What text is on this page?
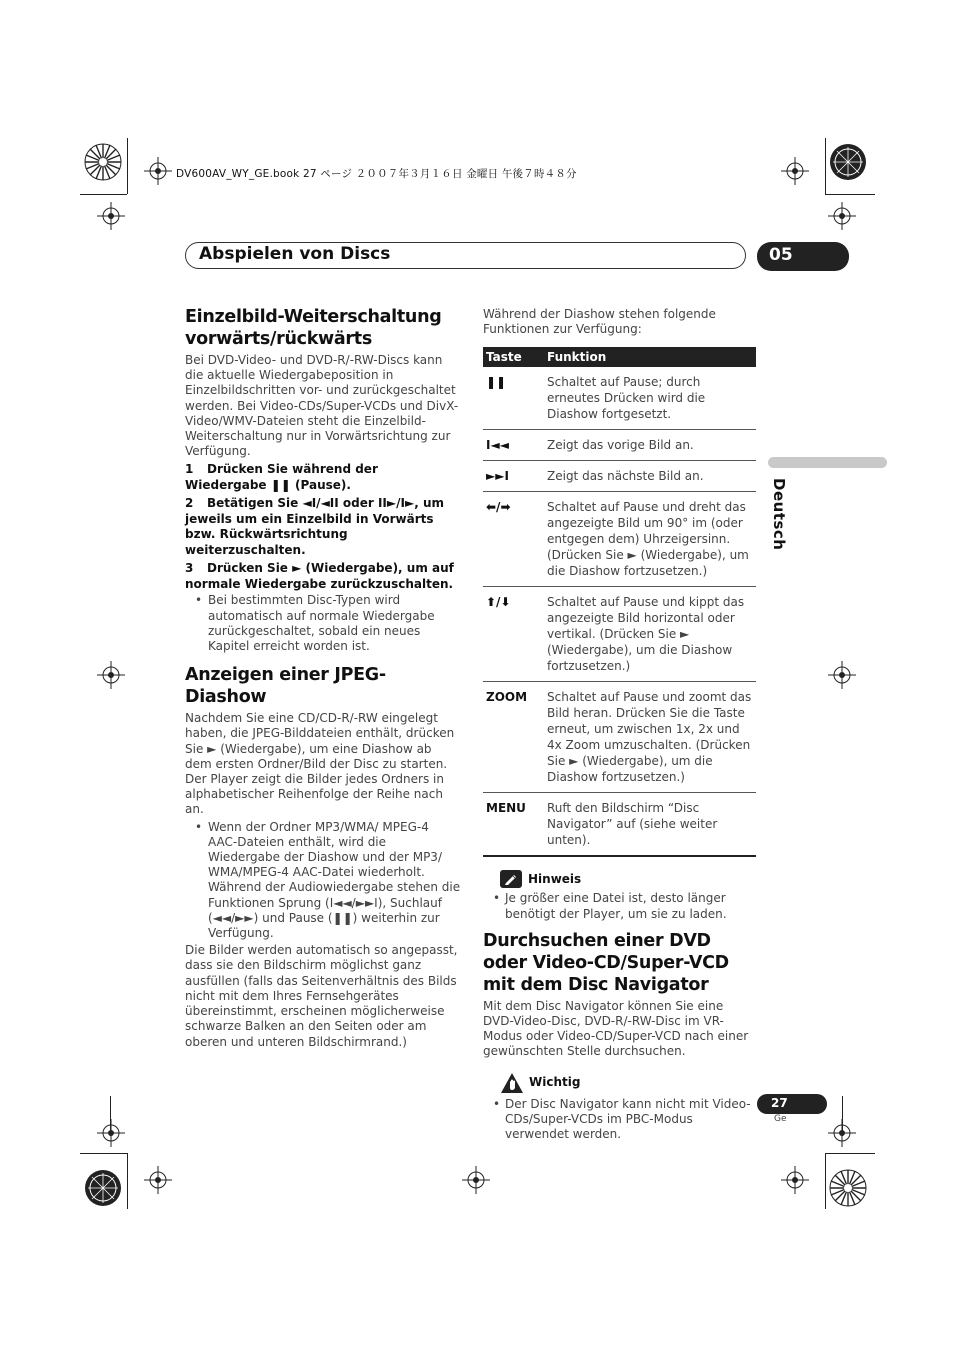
DV600AV_WY_GE.book 27 ページ ２００７年３月１６日 金曜日 午後７時４８分
Abspielen von Discs	05
Deutsch
Einzelbild-Weiterschaltung vorwärts/rückwärts

Bei DVD-Video- und DVD-R/-RW-Discs kann die aktuelle Wiedergabeposition in Einzelbildschritten vor- und zurückgeschaltet werden. Bei Video-CDs/Super-VCDs und DivX-Video/WMV-Dateien steht die Einzelbild-Weiterschaltung nur in Vorwärtsrichtung zur Verfügung.

1 Drücken Sie während der Wiedergabe ❚❚ (Pause).
2 Betätigen Sie ◄I/◄II oder II►/I►, um jeweils um ein Einzelbild in Vorwärts bzw. Rückwärtsrichtung weiterzuschalten.
3 Drücken Sie ► (Wiedergabe), um auf normale Wiedergabe zurückzuschalten.
• Bei bestimmten Disc-Typen wird automatisch auf normale Wiedergabe zurückgeschaltet, sobald ein neues Kapitel erreicht worden ist.
Anzeigen einer JPEG-Diashow

Nachdem Sie eine CD/CD-R/-RW eingelegt haben, die JPEG-Bilddateien enthält, drücken Sie ► (Wiedergabe), um eine Diashow ab dem ersten Ordner/Bild der Disc zu starten. Der Player zeigt die Bilder jedes Ordners in alphabetischer Reihenfolge der Reihe nach an.

• Wenn der Ordner MP3/WMA/ MPEG-4 AAC-Dateien enthält, wird die Wiedergabe der Diashow und der MP3/ WMA/MPEG-4 AAC-Datei wiederholt. Während der Audiowiedergabe stehen die Funktionen Sprung (I◄◄/►►I), Suchlauf (◄◄/►►) und Pause (❚❚) weiterhin zur Verfügung.

Die Bilder werden automatisch so angepasst, dass sie den Bildschirm möglichst ganz ausfüllen (falls das Seitenverhältnis des Bilds nicht mit dem Ihres Fernsehgerätes übereinstimmt, erscheinen möglicherweise schwarze Balken an den Seiten oder am oberen und unteren Bildschirmrand.)

Während der Diashow stehen folgende Funktionen zur Verfügung:

Taste	Funktion
❚❚	Schaltet auf Pause; durch erneutes Drücken wird die Diashow fortgesetzt.
I◄◄	Zeigt das vorige Bild an.
►►I	Zeigt das nächste Bild an.
⬅/➡	Schaltet auf Pause und dreht das angezeigte Bild um 90° im (oder entgegen dem) Uhrzeigersinn. (Drücken Sie ► (Wiedergabe), um die Diashow fortzusetzen.)
⬆/⬇	Schaltet auf Pause und kippt das angezeigte Bild horizontal oder vertikal. (Drücken Sie ► (Wiedergabe), um die Diashow fortzusetzen.)
ZOOM	Schaltet auf Pause und zoomt das Bild heran. Drücken Sie die Taste erneut, um zwischen 1x, 2x und 4x Zoom umzuschalten. (Drücken Sie ► (Wiedergabe), um die Diashow fortzusetzen.)
MENU	Ruft den Bildschirm “Disc Navigator” auf (siehe weiter unten).
Hinweis
• Je größer eine Datei ist, desto länger benötigt der Player, um sie zu laden.
Durchsuchen einer DVD oder Video-CD/Super-VCD mit dem Disc Navigator

Mit dem Disc Navigator können Sie eine DVD-Video-Disc, DVD-R/-RW-Disc im VR-Modus oder Video-CD/Super-VCD nach einer gewünschten Stelle durchsuchen.

Wichtig
• Der Disc Navigator kann nicht mit Video-CDs/Super-VCDs im PBC-Modus verwendet werden.
27
Ge
